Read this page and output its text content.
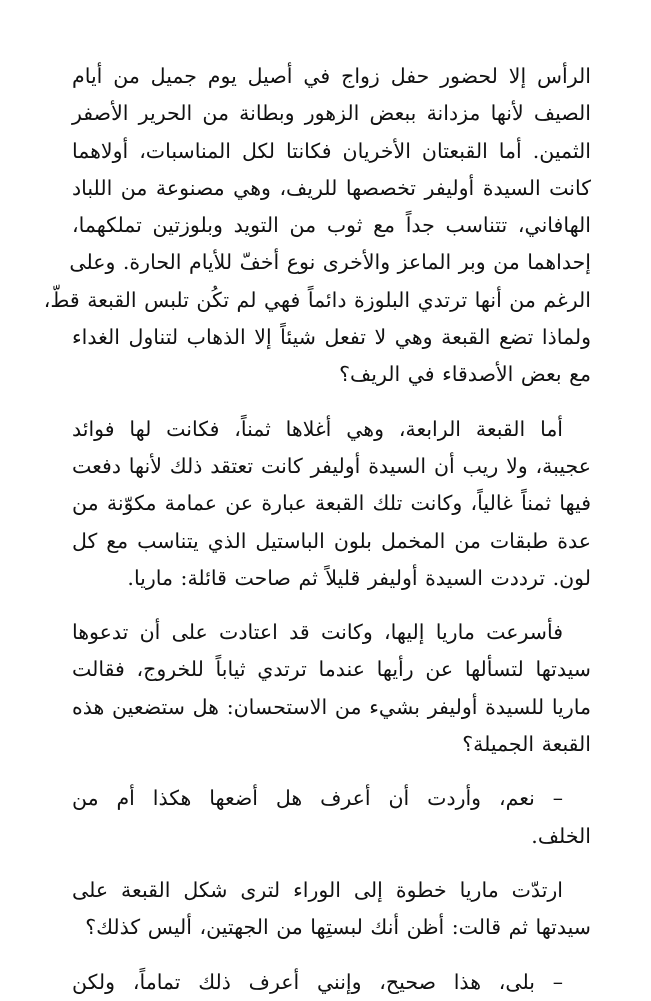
الرأس إلا لحضور حفل زواج في أصيل يوم جميل من أيام
الصيف لأنها مزدانة ببعض الزهور وبطانة من الحرير الأصفر
الثمين. أما القبعتان الأخريان فكانتا لكل المناسبات، أولاهما
كانت السيدة أوليفر تخصصها للريف، وهي مصنوعة من اللباد
الهافاني، تتناسب جداً مع ثوب من التويد وبلوزتين تملكهما،
إحداهما من وبر الماعز والأخرى نوع أخفّ للأيام الحارة. وعلى
الرغم من أنها ترتدي البلوزة دائماً فهي لم تكُن تلبس القبعة قطّ،
ولماذا تضع القبعة وهي لا تفعل شيئاً إلا الذهاب لتناول الغداء
مع بعض الأصدقاء في الريف؟
أما القبعة الرابعة، وهي أغلاها ثمناً، فكانت لها فوائد
عجيبة، ولا ريب أن السيدة أوليفر كانت تعتقد ذلك لأنها دفعت
فيها ثمناً غالياً، وكانت تلك القبعة عبارة عن عمامة مكوّنة من
عدة طبقات من المخمل بلون الباستيل الذي يتناسب مع كل
لون. ترددت السيدة أوليفر قليلاً ثم صاحت قائلة: ماريا.
فأسرعت ماريا إليها، وكانت قد اعتادت على أن تدعوها
سيدتها لتسألها عن رأيها عندما ترتدي ثياباً للخروج، فقالت
ماريا للسيدة أوليفر بشيء من الاستحسان: هل ستضعين هذه
القبعة الجميلة؟
– نعم، وأردت أن أعرف هل أضعها هكذا أم من
الخلف.
ارتدّت ماريا خطوة إلى الوراء لترى شكل القبعة على
سيدتها ثم قالت: أظن أنك لبستِها من الجهتين، أليس كذلك؟
– بلى، هذا صحيح، وإنني أعرف ذلك تماماً، ولكن
